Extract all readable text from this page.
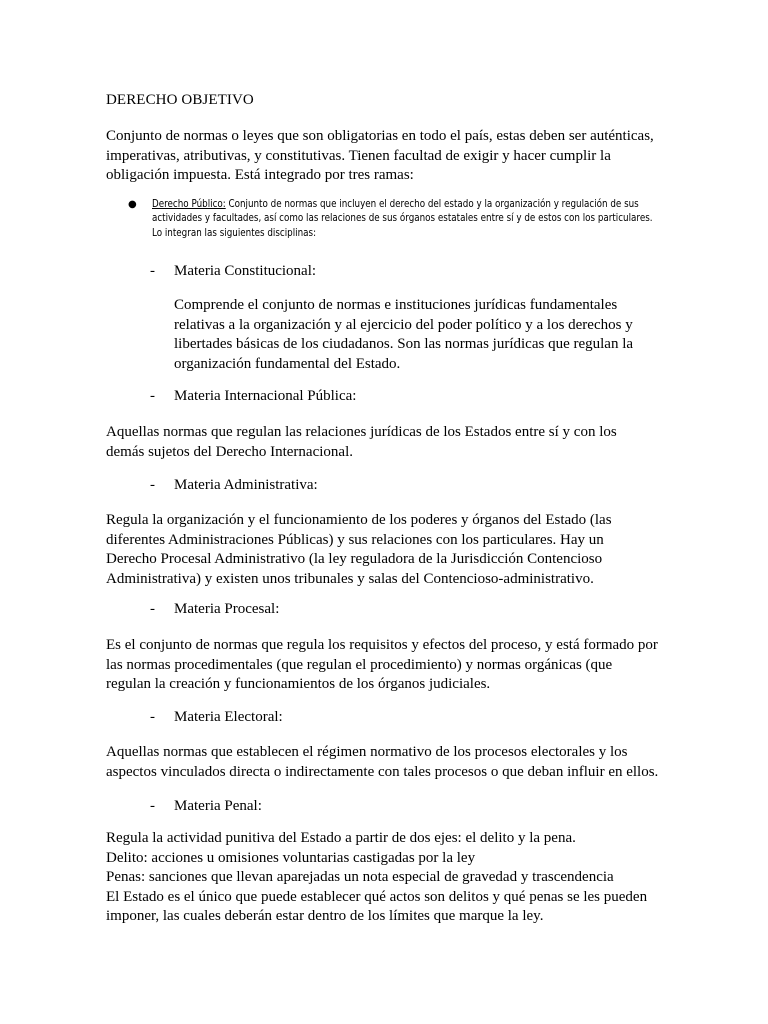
DERECHO OBJETIVO

Conjunto de normas o leyes que son obligatorias en todo el país, estas deben ser auténticas,
imperativas, atributivas, y constitutivas. Tienen facultad de exigir y hacer cumplir la
obligación impuesta. Está integrado por tres ramas:

● Derecho Público: Conjunto de normas que incluyen el derecho del estado y la organización y regulación de sus
actividades y facultades, así como las relaciones de sus órganos estatales entre sí y de estos con los particulares.
Lo integran las siguientes disciplinas:
- Materia Constitucional:

Comprende el conjunto de normas e instituciones jurídicas fundamentales
relativas a la organización y al ejercicio del poder político y a los derechos y
libertades básicas de los ciudadanos. Son las normas jurídicas que regulan la
organización fundamental del Estado.

- Materia Internacional Pública:

Aquellas normas que regulan las relaciones jurídicas de los Estados entre sí y con los
demás sujetos del Derecho Internacional.

- Materia Administrativa:

Regula la organización y el funcionamiento de los poderes y órganos del Estado (las
diferentes Administraciones Públicas) y sus relaciones con los particulares. Hay un
Derecho Procesal Administrativo (la ley reguladora de la Jurisdicción Contencioso
Administrativa) y existen unos tribunales y salas del Contencioso-administrativo.

- Materia Procesal:

Es el conjunto de normas que regula los requisitos y efectos del proceso, y está formado por
las normas procedimentales (que regulan el procedimiento) y normas orgánicas (que
regulan la creación y funcionamientos de los órganos judiciales.

- Materia Electoral:

Aquellas normas que establecen el régimen normativo de los procesos electorales y los
aspectos vinculados directa o indirectamente con tales procesos o que deban influir en ellos.

- Materia Penal:

Regula la actividad punitiva del Estado a partir de dos ejes: el delito y la pena.
Delito: acciones u omisiones voluntarias castigadas por la ley
Penas: sanciones que llevan aparejadas un nota especial de gravedad y trascendencia
El Estado es el único que puede establecer qué actos son delitos y qué penas se les pueden
imponer, las cuales deberán estar dentro de los límites que marque la ley.
